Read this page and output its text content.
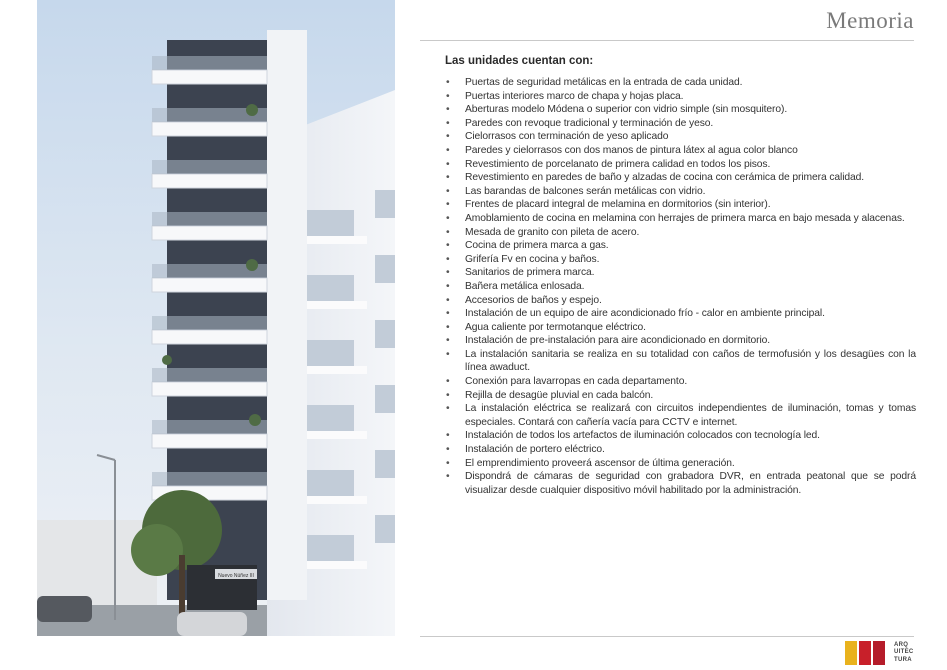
Nuevo Núñez III
Memoria
Las unidades cuentan con:
• Puertas de seguridad metálicas en la entrada de cada unidad.
• Puertas interiores marco de chapa y hojas placa.
• Aberturas modelo Módena o superior con vidrio simple (sin mosquitero).
• Paredes con revoque tradicional y terminación de yeso.
• Cielorrasos con terminación de yeso aplicado
• Paredes y cielorrasos con dos manos de pintura látex al agua color blanco
• Revestimiento de porcelanato de primera calidad en todos los pisos.
• Revestimiento en paredes de baño y alzadas de cocina con cerámica de primera calidad.
• Las barandas de balcones serán metálicas con vidrio.
• Frentes de placard integral de melamina en dormitorios (sin interior).
• Amoblamiento de cocina en melamina con herrajes de primera marca en bajo mesada y alacenas.
• Mesada de granito con pileta de acero.
• Cocina de primera marca a gas.
• Grifería Fv en cocina y baños.
• Sanitarios de primera marca.
• Bañera metálica enlosada.
• Accesorios de baños y espejo.
• Instalación de un equipo de aire acondicionado frío - calor en ambiente principal.
• Agua caliente por termotanque eléctrico.
• Instalación de pre-instalación para aire acondicionado en dormitorio.
• La instalación sanitaria se realiza en su totalidad con caños de termofusión y los desagües con la línea awaduct.
• Conexión para lavarropas en cada departamento.
• Rejilla de desagüe pluvial en cada balcón.
• La instalación eléctrica se realizará con circuitos independientes de iluminación, tomas y tomas especiales. Contará con cañería vacía para CCTV e internet.
• Instalación de todos los artefactos de iluminación colocados con tecnología led.
• Instalación de portero eléctrico.
• El emprendimiento proveerá ascensor de última generación.
• Dispondrá de cámaras de seguridad con grabadora DVR, en entrada peatonal que se podrá visualizar desde cualquier dispositivo móvil habilitado por la administración.
ARQ
UITEC
TURA
